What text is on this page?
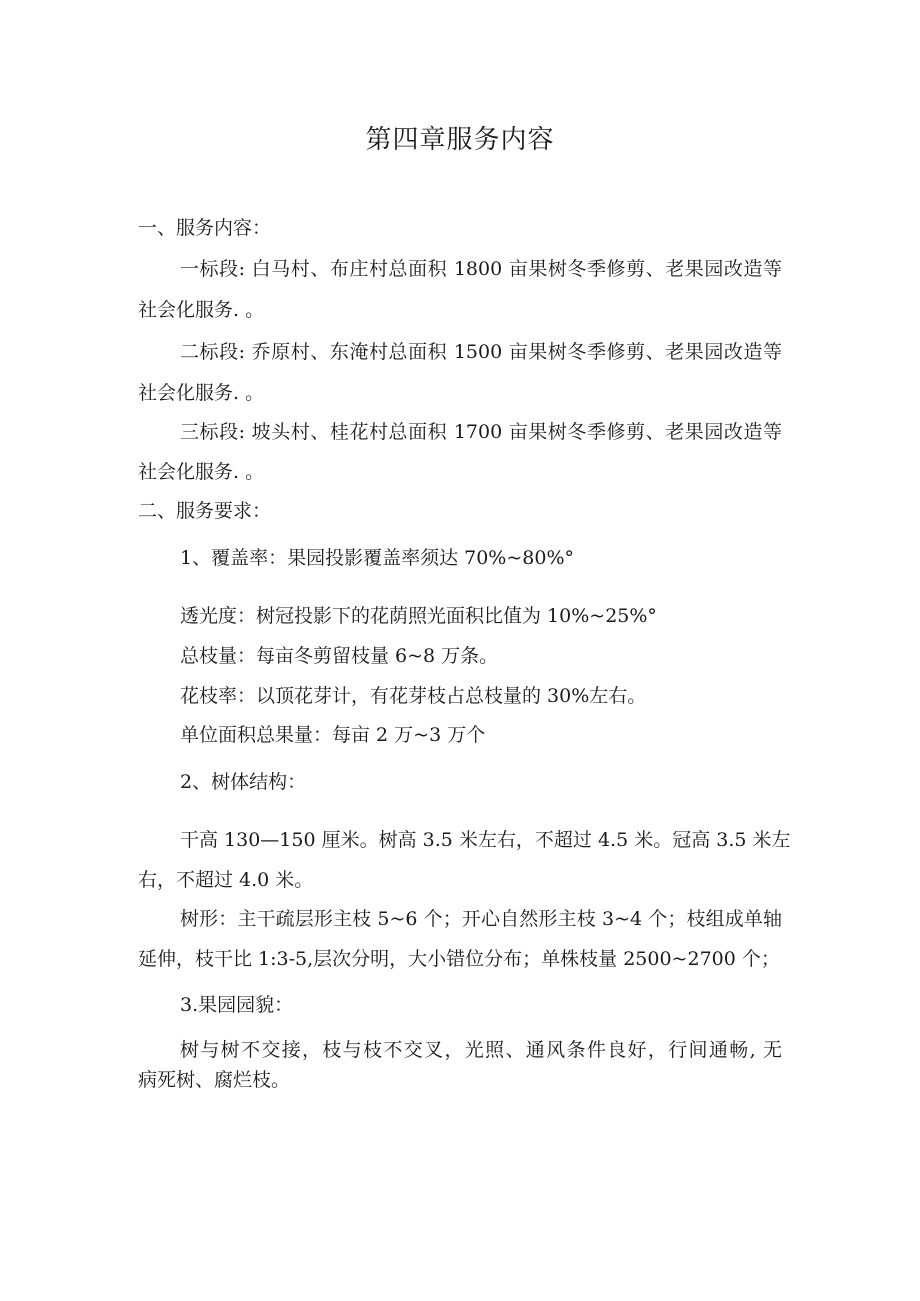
第四章服务内容
一、服务内容：
一标段: 白马村、布庄村总面积 1800 亩果树冬季修剪、老果园改造等
社会化服务. 。
二标段: 乔原村、东淹村总面积 1500 亩果树冬季修剪、老果园改造等
社会化服务. 。
三标段: 坡头村、桂花村总面积 1700 亩果树冬季修剪、老果园改造等
社会化服务. 。
二、服务要求：
1、覆盖率：果园投影覆盖率须达 70%~80%°
透光度：树冠投影下的花荫照光面积比值为 10%~25%°
总枝量：每亩冬剪留枝量 6~8 万条。
花枝率：以顶花芽计，有花芽枝占总枝量的 30%左右。
单位面积总果量：每亩 2 万~3 万个
2、树体结构：
干高 130—150 厘米。树高 3.5 米左右，不超过 4.5 米。冠高 3.5 米左
右，不超过 4.0 米。
树形：主干疏层形主枝 5~6 个；开心自然形主枝 3~4 个；枝组成单轴
延伸，枝干比 1:3-5,层次分明，大小错位分布；单株枝量 2500~2700 个；
3.果园园貌：
树与树不交接，枝与枝不交叉，光照、通风条件良好，行间通畅, 无
病死树、腐烂枝。
